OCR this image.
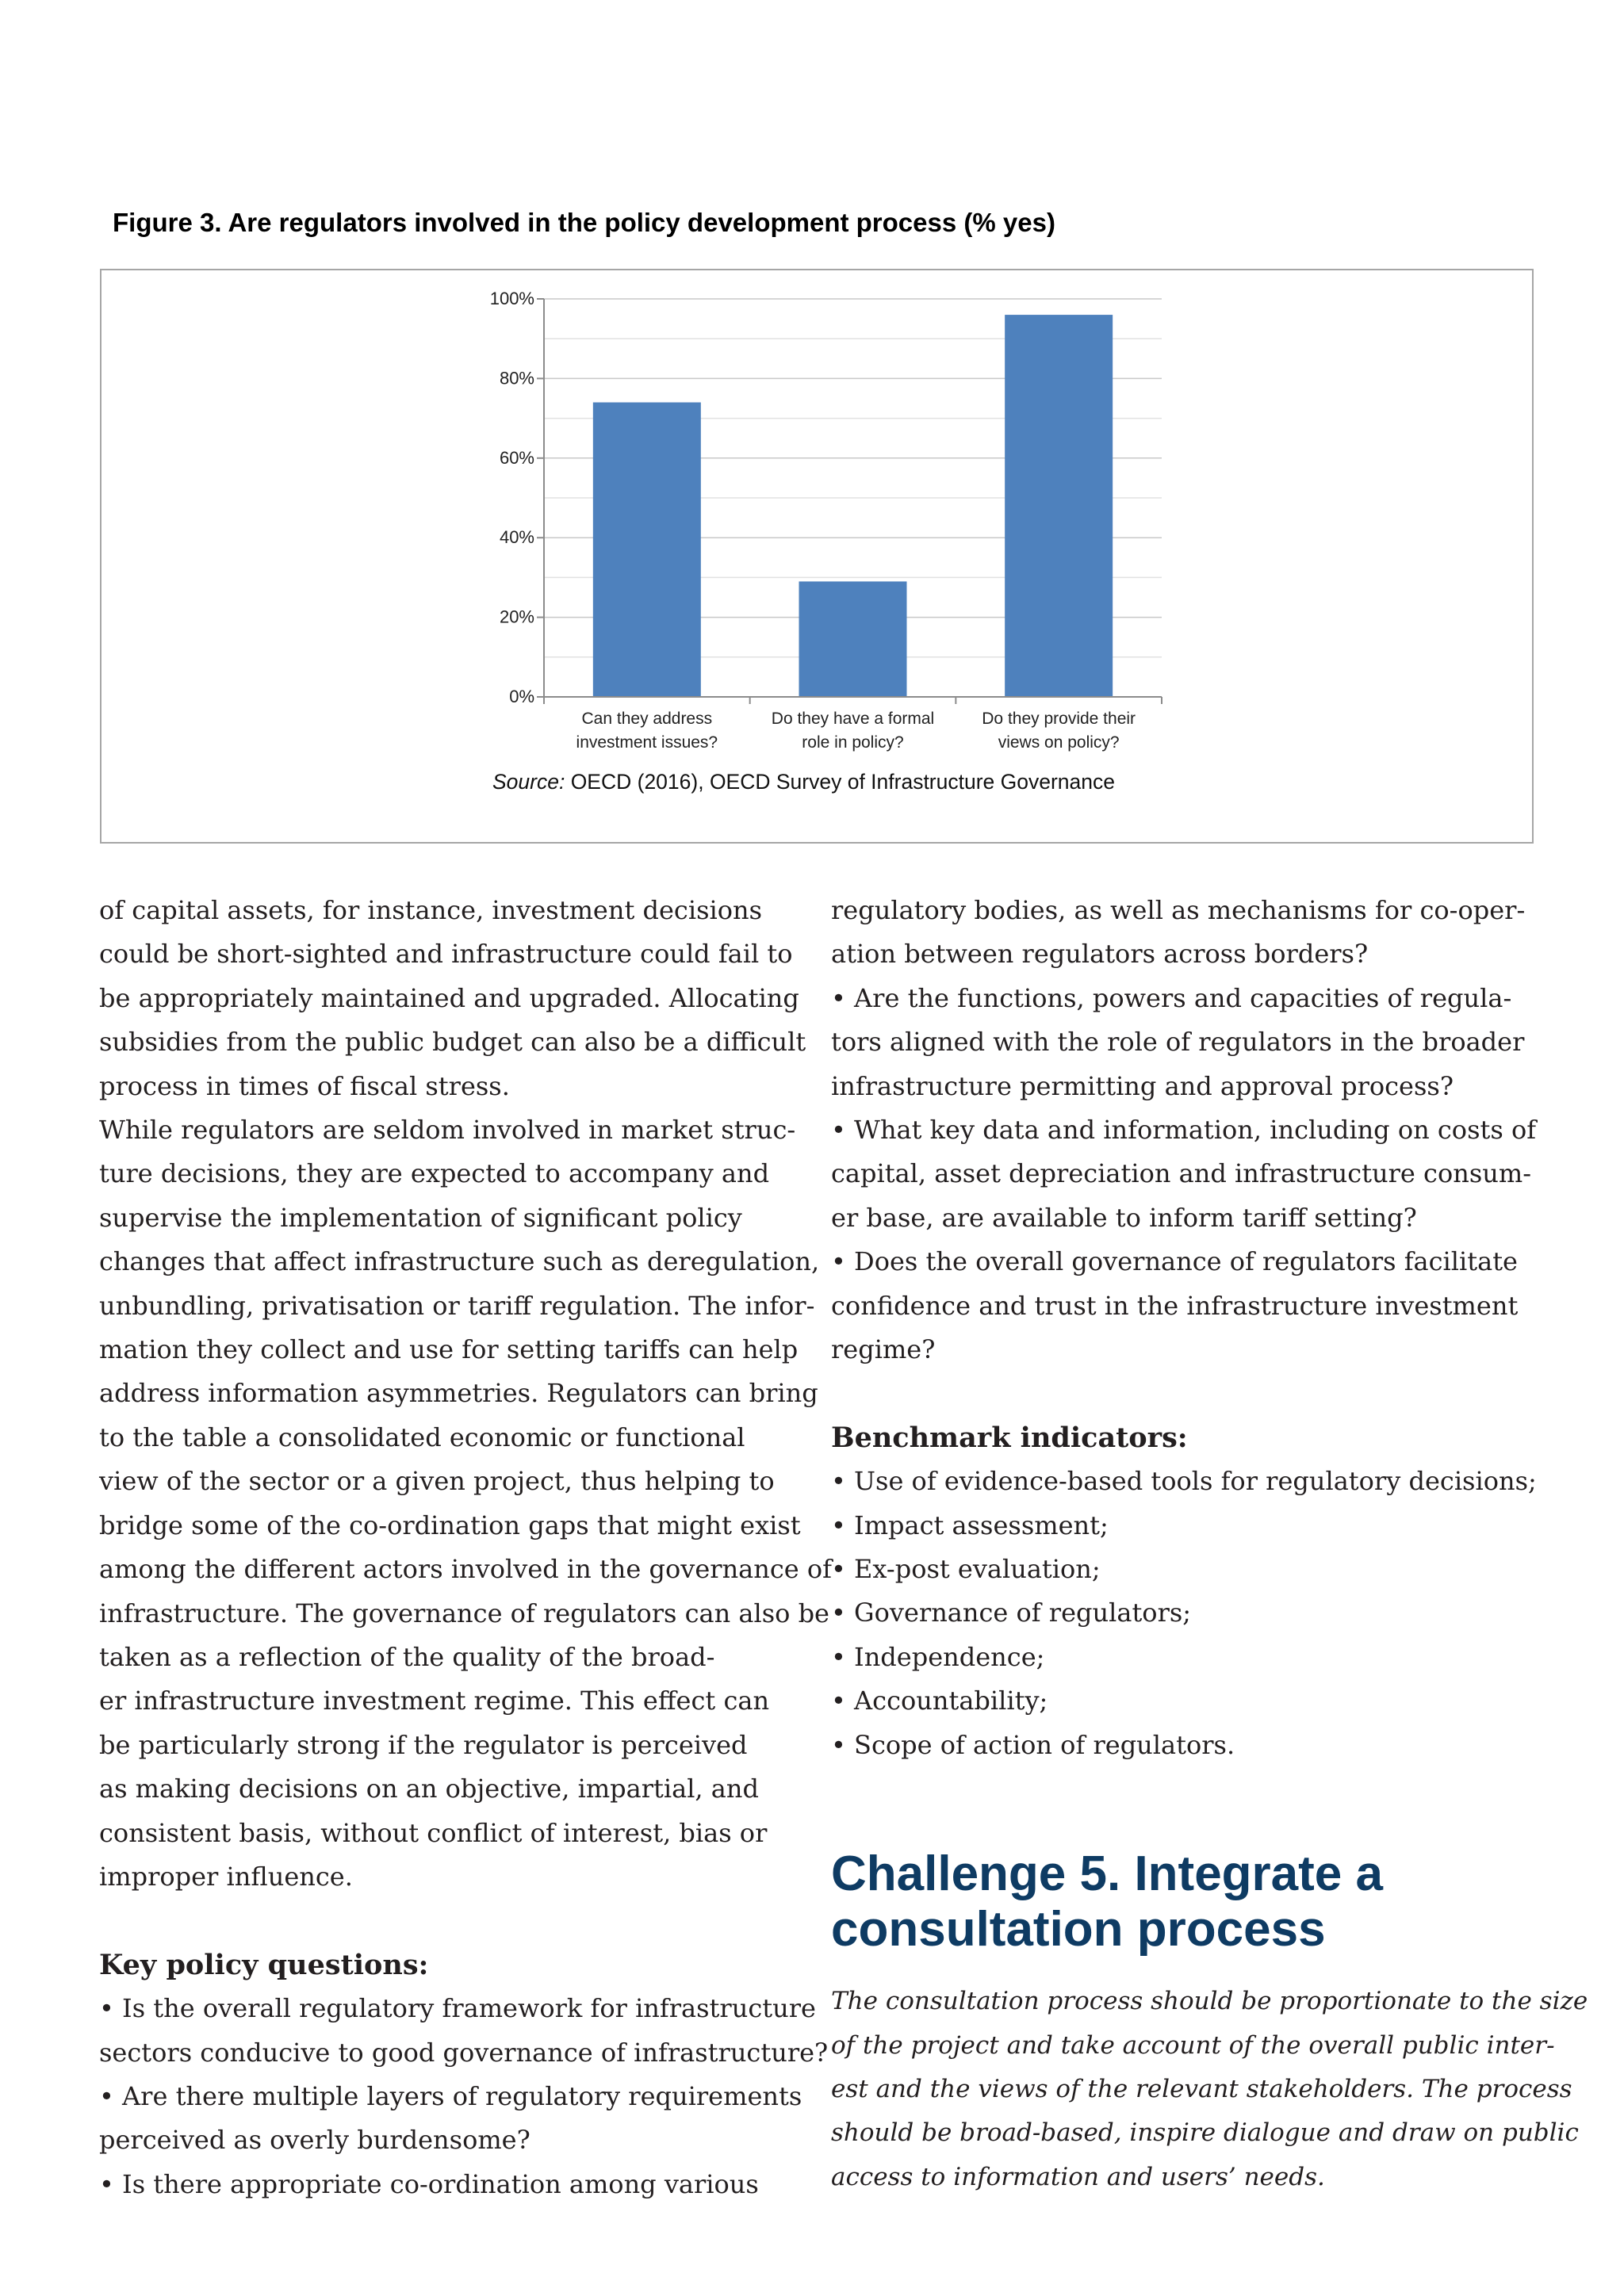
Figure 3. Are regulators involved in the policy development process (% yes)
0%
20%
40%
60%
80%
100%
Can they address
investment issues?
Do they have a formal
role in policy?
Do they provide their
views on policy?
Source: OECD (2016), OECD Survey of Infrastructure Governance
of capital assets, for instance, investment decisions
could be short-sighted and infrastructure could fail to
be appropriately maintained and upgraded. Allocating
subsidies from the public budget can also be a difficult
process in times of fiscal stress.
While regulators are seldom involved in market struc-
ture decisions, they are expected to accompany and
supervise the implementation of significant policy
changes that affect infrastructure such as deregulation,
unbundling, privatisation or tariff regulation. The infor-
mation they collect and use for setting tariffs can help
address information asymmetries. Regulators can bring
to the table a consolidated economic or functional
view of the sector or a given project, thus helping to
bridge some of the co-ordination gaps that might exist
among the different actors involved in the governance of
infrastructure. The governance of regulators can also be
taken as a reflection of the quality of the broad-
er infrastructure investment regime. This effect can
be particularly strong if the regulator is perceived
as making decisions on an objective, impartial, and
consistent basis, without conflict of interest, bias or
improper influence.
Key policy questions:
• Is the overall regulatory framework for infrastructure
sectors conducive to good governance of infrastructure?
• Are there multiple layers of regulatory requirements
perceived as overly burdensome?
• Is there appropriate co-ordination among various
regulatory bodies, as well as mechanisms for co-oper-
ation between regulators across borders?
• Are the functions, powers and capacities of regula-
tors aligned with the role of regulators in the broader
infrastructure permitting and approval process?
• What key data and information, including on costs of
capital, asset depreciation and infrastructure consum-
er base, are available to inform tariff setting?
• Does the overall governance of regulators facilitate
confidence and trust in the infrastructure investment
regime?
Benchmark indicators:
• Use of evidence-based tools for regulatory decisions;
• Impact assessment;
• Ex-post evaluation;
• Governance of regulators;
• Independence;
• Accountability;
• Scope of action of regulators.
Challenge 5. Integrate a
consultation process
The consultation process should be proportionate to the size
of the project and take account of the overall public inter-
est and the views of the relevant stakeholders. The process
should be broad-based, inspire dialogue and draw on public
access to information and users’ needs.
